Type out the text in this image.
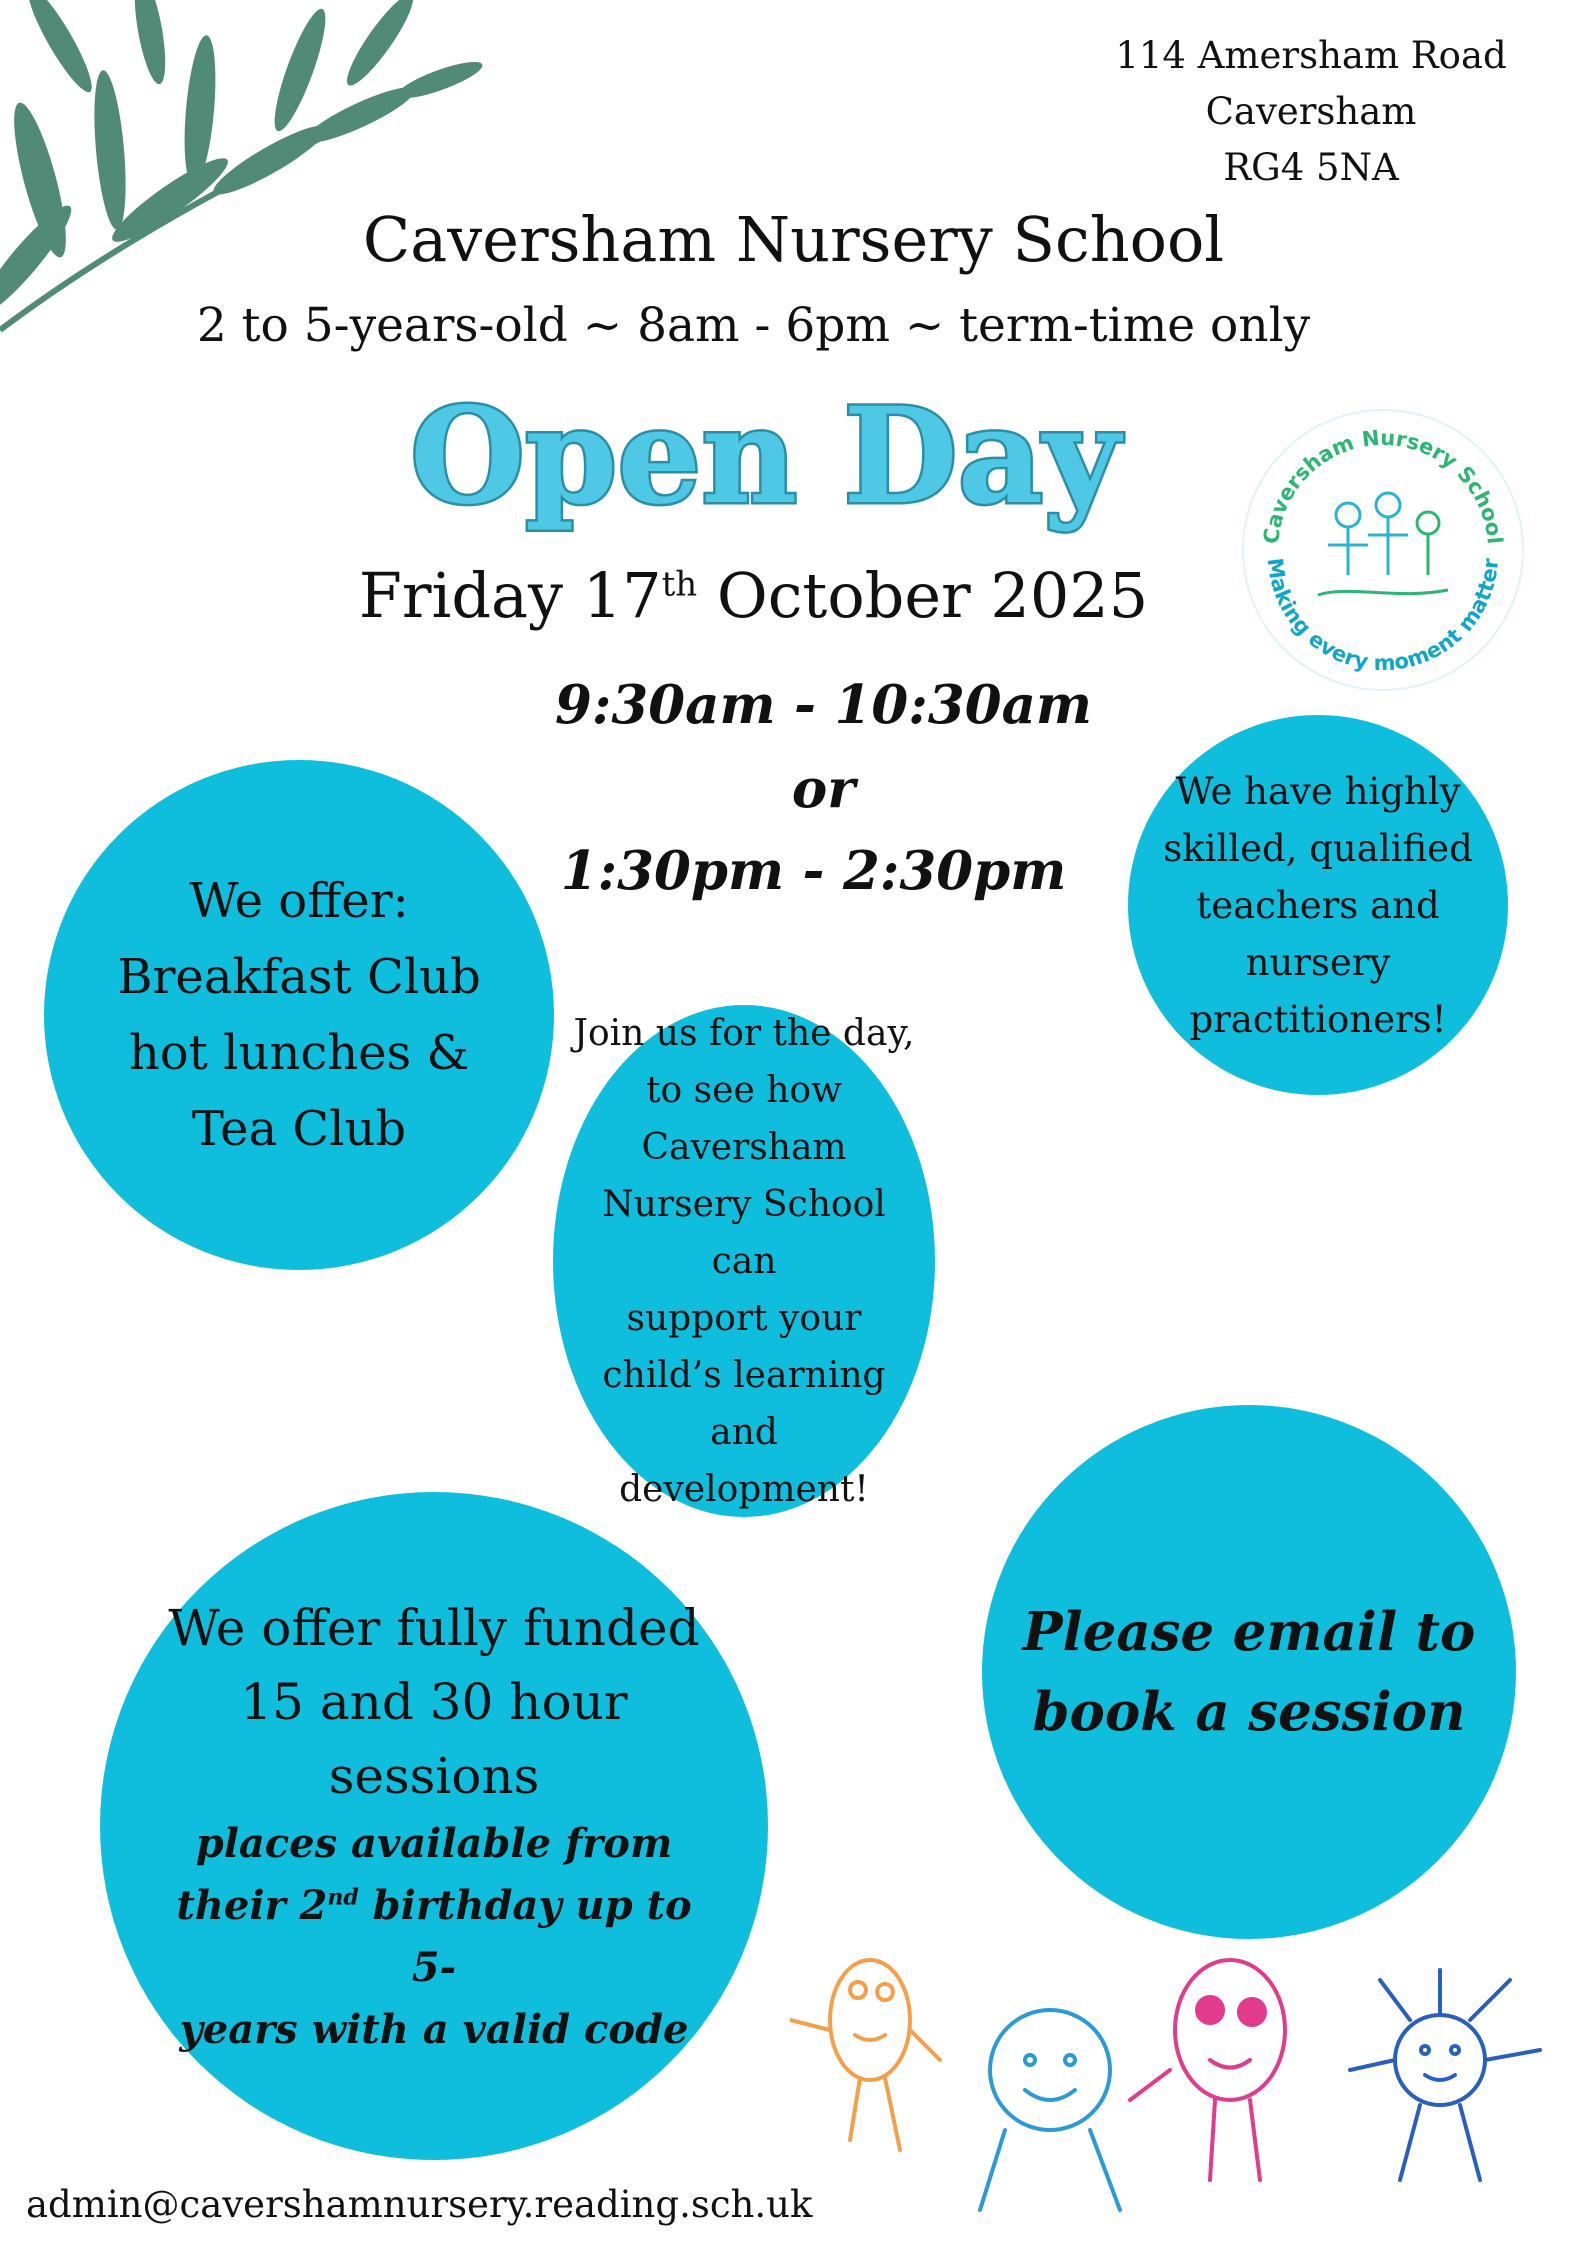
114 Amersham Road
Caversham
RG4 5NA
Caversham Nursery School
2 to 5-years-old ~ 8am - 6pm ~ term-time only
Open Day
Caversham Nursery School
Making every moment matter
Friday 17th October 2025
9:30am - 10:30am
or
1:30pm - 2:30pm
We offer:
Breakfast Club
hot lunches &
Tea Club
We have highly
skilled, qualified
teachers and nursery
practitioners!
Join us for the day,
to see how
Caversham
Nursery School can
support your
child’s learning and
development!
Please email to
book a session
We offer fully funded
15 and 30 hour
sessions
places available from
their 2nd birthday up to 5-
years with a valid code
admin@cavershamnursery.reading.sch.uk
